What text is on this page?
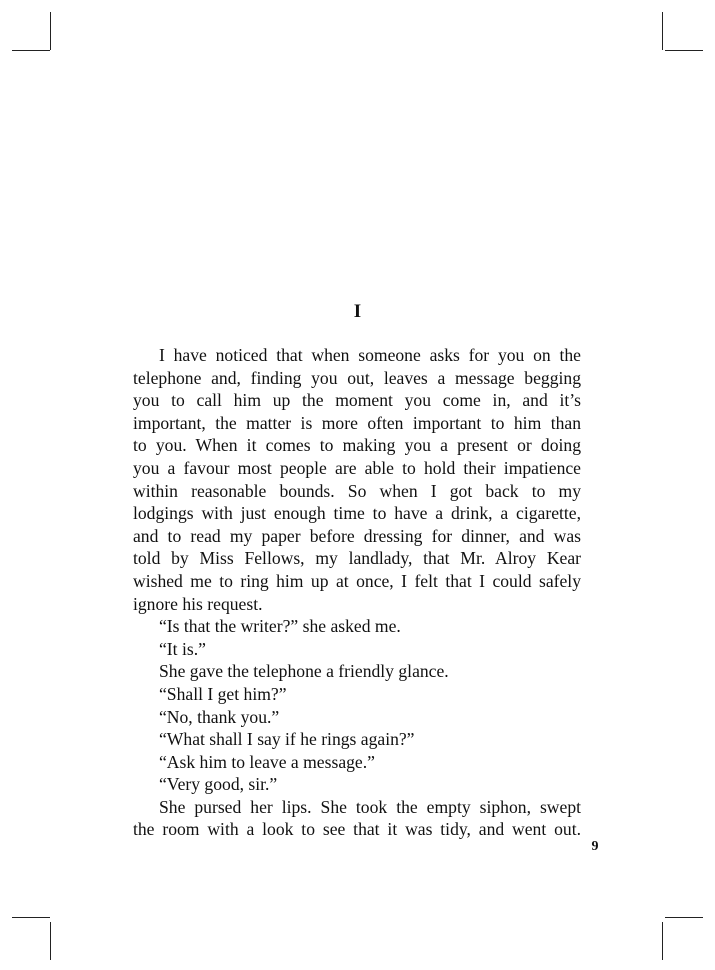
I

I have noticed that when someone asks for you on the

telephone and, finding you out, leaves a message begging

you to call him up the moment you come in, and it’s

important, the matter is more often important to him than

to you. When it comes to making you a present or doing

you a favour most people are able to hold their impatience

within reasonable bounds. So when I got back to my

lodgings with just enough time to have a drink, a cigarette,

and to read my paper before dressing for dinner, and was

told by Miss Fellows, my landlady, that Mr. Alroy Kear

wished me to ring him up at once, I felt that I could safely

ignore his request.

“Is that the writer?” she asked me.

“It is.”

She gave the telephone a friendly glance.

“Shall I get him?”

“No, thank you.”

“What shall I say if he rings again?”

“Ask him to leave a message.”

“Very good, sir.”

She pursed her lips. She took the empty siphon, swept

the room with a look to see that it was tidy, and went out.

9
